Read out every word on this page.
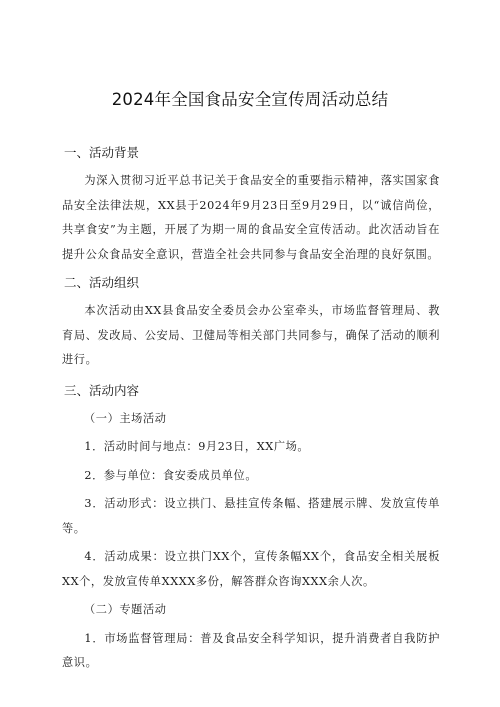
2024年全国食品安全宣传周活动总结
一、活动背景

为深入贯彻习近平总书记关于食品安全的重要指示精神，落实国家食品安全法律法规，XX县于2024年9月23日至9月29日，以“诚信尚俭，共享食安”为主题，开展了为期一周的食品安全宣传活动。此次活动旨在提升公众食品安全意识，营造全社会共同参与食品安全治理的良好氛围。

二、活动组织

本次活动由XX县食品安全委员会办公室牵头，市场监督管理局、教育局、发改局、公安局、卫健局等相关部门共同参与，确保了活动的顺利进行。

三、活动内容

（一）主场活动

1．活动时间与地点：9月23日，XX广场。

2．参与单位：食安委成员单位。

3．活动形式：设立拱门、悬挂宣传条幅、搭建展示牌、发放宣传单等。

4．活动成果：设立拱门XX个，宣传条幅XX个，食品安全相关展板XX个，发放宣传单XXXX多份，解答群众咨询XXX余人次。

（二）专题活动

1．市场监督管理局：普及食品安全科学知识，提升消费者自我防护意识。
